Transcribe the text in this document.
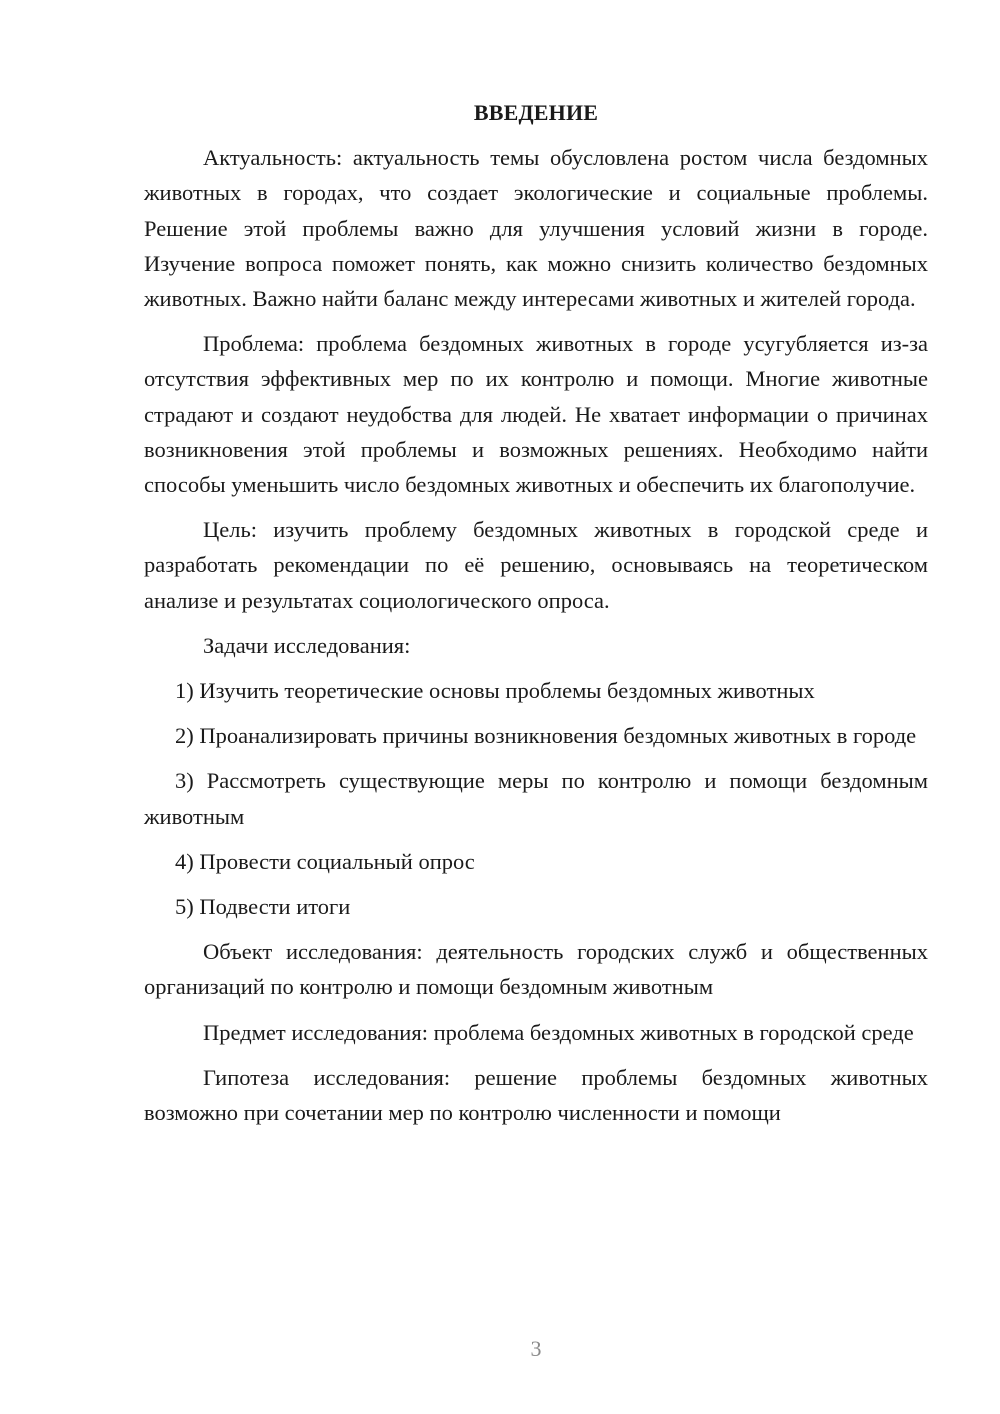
ВВЕДЕНИЕ
Актуальность: актуальность темы обусловлена ростом числа бездомных животных в городах, что создает экологические и социальные проблемы. Решение этой проблемы важно для улучшения условий жизни в городе. Изучение вопроса поможет понять, как можно снизить количество бездомных животных. Важно найти баланс между интересами животных и жителей города.
Проблема: проблема бездомных животных в городе усугубляется из-за отсутствия эффективных мер по их контролю и помощи. Многие животные страдают и создают неудобства для людей. Не хватает информации о причинах возникновения этой проблемы и возможных решениях. Необходимо найти способы уменьшить число бездомных животных и обеспечить их благополучие.
Цель: изучить проблему бездомных животных в городской среде и разработать рекомендации по её решению, основываясь на теоретическом анализе и результатах социологического опроса.
Задачи исследования:
1) Изучить теоретические основы проблемы бездомных животных
2) Проанализировать причины возникновения бездомных животных в городе
3) Рассмотреть существующие меры по контролю и помощи бездомным животным
4) Провести социальный опрос
5) Подвести итоги
Объект исследования: деятельность городских служб и общественных организаций по контролю и помощи бездомным животным
Предмет исследования: проблема бездомных животных в городской среде
Гипотеза исследования: решение проблемы бездомных животных возможно при сочетании мер по контролю численности и помощи
3
